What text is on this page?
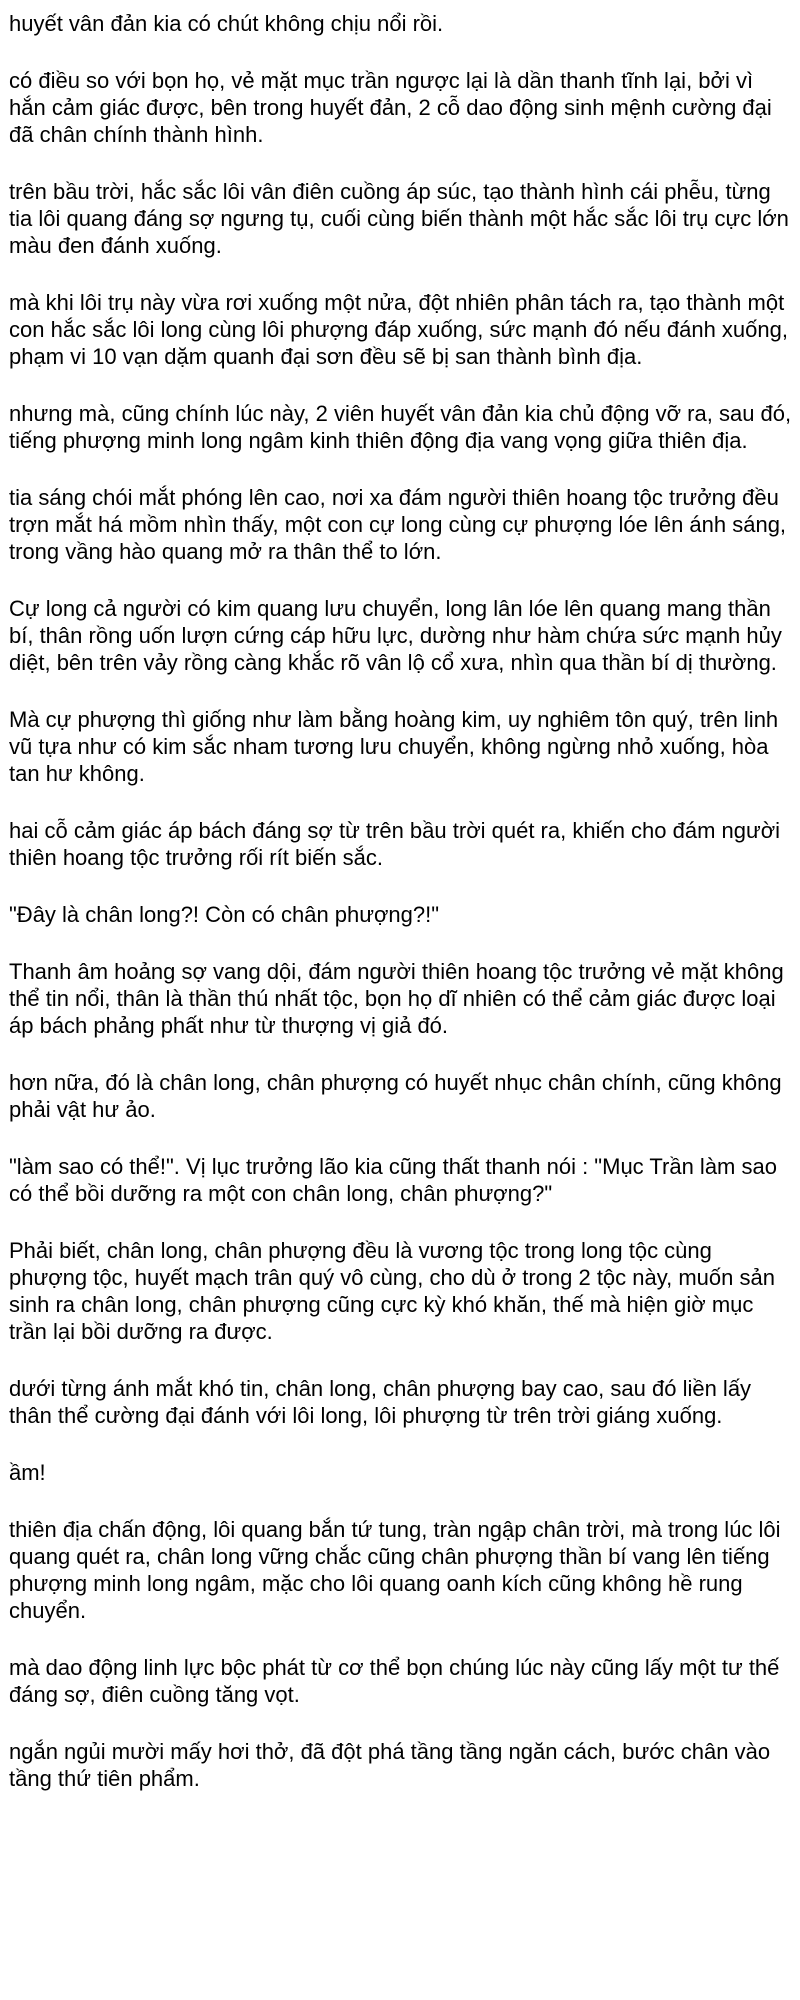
huyết vân đản kia có chút không chịu nổi rồi.

có điều so với bọn họ, vẻ mặt mục trần ngược lại là dần thanh tĩnh lại, bởi vì hắn cảm giác được, bên trong huyết đản, 2 cỗ dao động sinh mệnh cường đại đã chân chính thành hình.

trên bầu trời, hắc sắc lôi vân điên cuồng áp súc, tạo thành hình cái phễu, từng tia lôi quang đáng sợ ngưng tụ, cuối cùng biến thành một hắc sắc lôi trụ cực lớn màu đen đánh xuống.

mà khi lôi trụ này vừa rơi xuống một nửa, đột nhiên phân tách ra, tạo thành một con hắc sắc lôi long cùng lôi phượng đáp xuống, sức mạnh đó nếu đánh xuống, phạm vi 10 vạn dặm quanh đại sơn đều sẽ bị san thành bình địa.

nhưng mà, cũng chính lúc này, 2 viên huyết vân đản kia chủ động vỡ ra, sau đó, tiếng phượng minh long ngâm kinh thiên động địa vang vọng giữa thiên địa.

tia sáng chói mắt phóng lên cao, nơi xa đám người thiên hoang tộc trưởng đều trợn mắt há mồm nhìn thấy, một con cự long cùng cự phượng lóe lên ánh sáng, trong vầng hào quang mở ra thân thể to lớn.

Cự long cả người có kim quang lưu chuyển, long lân lóe lên quang mang thần bí, thân rồng uốn lượn cứng cáp hữu lực, dường như hàm chứa sức mạnh hủy diệt, bên trên vảy rồng càng khắc rõ vân lộ cổ xưa, nhìn qua thần bí dị thường.

Mà cự phượng thì giống như làm bằng hoàng kim, uy nghiêm tôn quý, trên linh vũ tựa như có kim sắc nham tương lưu chuyển, không ngừng nhỏ xuống, hòa tan hư không.

hai cỗ cảm giác áp bách đáng sợ từ trên bầu trời quét ra, khiến cho đám người thiên hoang tộc trưởng rối rít biến sắc.

"Đây là chân long?! Còn có chân phượng?!"

Thanh âm hoảng sợ vang dội, đám người thiên hoang tộc trưởng vẻ mặt không thể tin nổi, thân là thần thú nhất tộc, bọn họ dĩ nhiên có thể cảm giác được loại áp bách phảng phất như từ thượng vị giả đó.

hơn nữa, đó là chân long, chân phượng có huyết nhục chân chính, cũng không phải vật hư ảo.

"làm sao có thể!". Vị lục trưởng lão kia cũng thất thanh nói : "Mục Trần làm sao có thể bồi dưỡng ra một con chân long, chân phượng?"

Phải biết, chân long, chân phượng đều là vương tộc trong long tộc cùng phượng tộc, huyết mạch trân quý vô cùng, cho dù ở trong 2 tộc này, muốn sản sinh ra chân long, chân phượng cũng cực kỳ khó khăn, thế mà hiện giờ mục trần lại bồi dưỡng ra được.

dưới từng ánh mắt khó tin, chân long, chân phượng bay cao, sau đó liền lấy thân thể cường đại đánh với lôi long, lôi phượng từ trên trời giáng xuống.

ầm!

thiên địa chấn động, lôi quang bắn tứ tung, tràn ngập chân trời, mà trong lúc lôi quang quét ra, chân long vững chắc cũng chân phượng thần bí vang lên tiếng phượng minh long ngâm, mặc cho lôi quang oanh kích cũng không hề rung chuyển.

mà dao động linh lực bộc phát từ cơ thể bọn chúng lúc này cũng lấy một tư thế đáng sợ, điên cuồng tăng vọt.

ngắn ngủi mười mấy hơi thở, đã đột phá tầng tầng ngăn cách, bước chân vào tầng thứ tiên phẩm.
